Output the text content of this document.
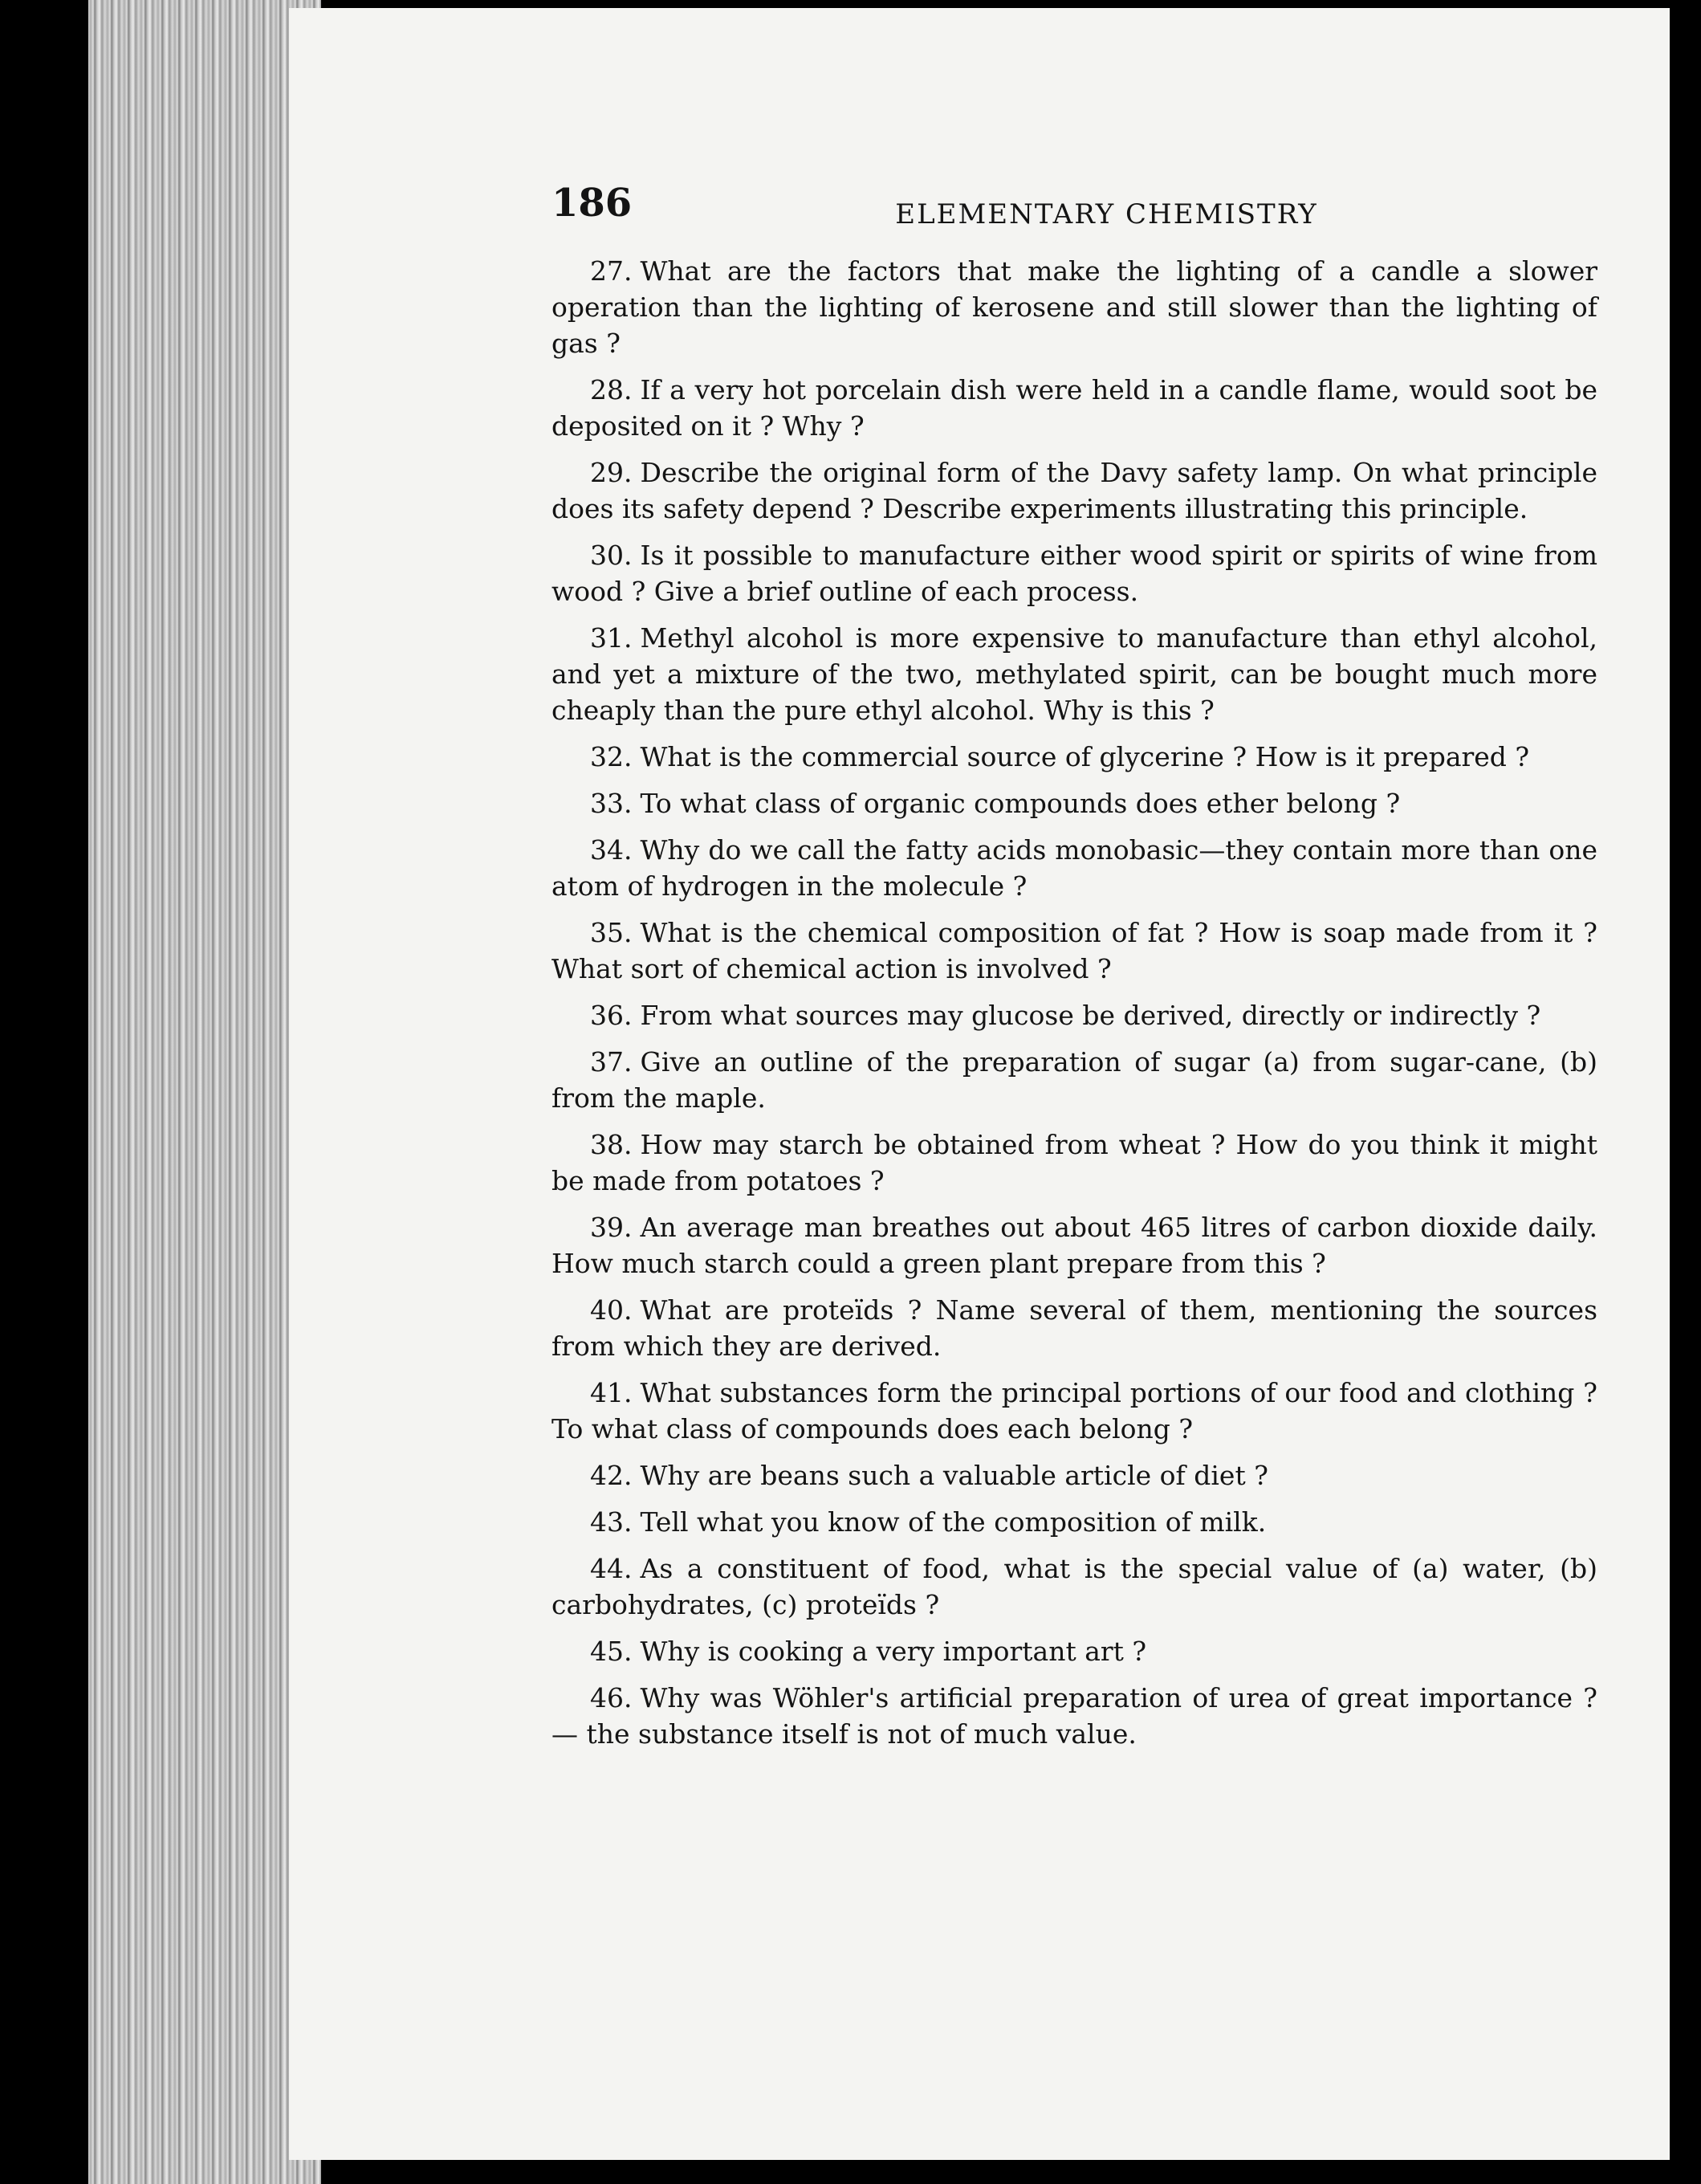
186	ELEMENTARY CHEMISTRY
27. What are the factors that make the lighting of a candle a slower operation than the lighting of kerosene and still slower than the lighting of gas ?
28. If a very hot porcelain dish were held in a candle flame, would soot be deposited on it ? Why ?
29. Describe the original form of the Davy safety lamp. On what principle does its safety depend ? Describe experiments illustrating this principle.
30. Is it possible to manufacture either wood spirit or spirits of wine from wood ? Give a brief outline of each process.
31. Methyl alcohol is more expensive to manufacture than ethyl alcohol, and yet a mixture of the two, methylated spirit, can be bought much more cheaply than the pure ethyl alcohol. Why is this ?
32. What is the commercial source of glycerine ? How is it prepared ?
33. To what class of organic compounds does ether belong ?
34. Why do we call the fatty acids monobasic—they contain more than one atom of hydrogen in the molecule ?
35. What is the chemical composition of fat ? How is soap made from it ? What sort of chemical action is involved ?
36. From what sources may glucose be derived, directly or indirectly ?
37. Give an outline of the preparation of sugar (a) from sugar-cane, (b) from the maple.
38. How may starch be obtained from wheat ? How do you think it might be made from potatoes ?
39. An average man breathes out about 465 litres of carbon dioxide daily. How much starch could a green plant prepare from this ?
40. What are proteïds ? Name several of them, mentioning the sources from which they are derived.
41. What substances form the principal portions of our food and clothing ? To what class of compounds does each belong ?
42. Why are beans such a valuable article of diet ?
43. Tell what you know of the composition of milk.
44. As a constituent of food, what is the special value of (a) water, (b) carbohydrates, (c) proteïds ?
45. Why is cooking a very important art ?
46. Why was Wöhler's artificial preparation of urea of great importance ?— the substance itself is not of much value.
